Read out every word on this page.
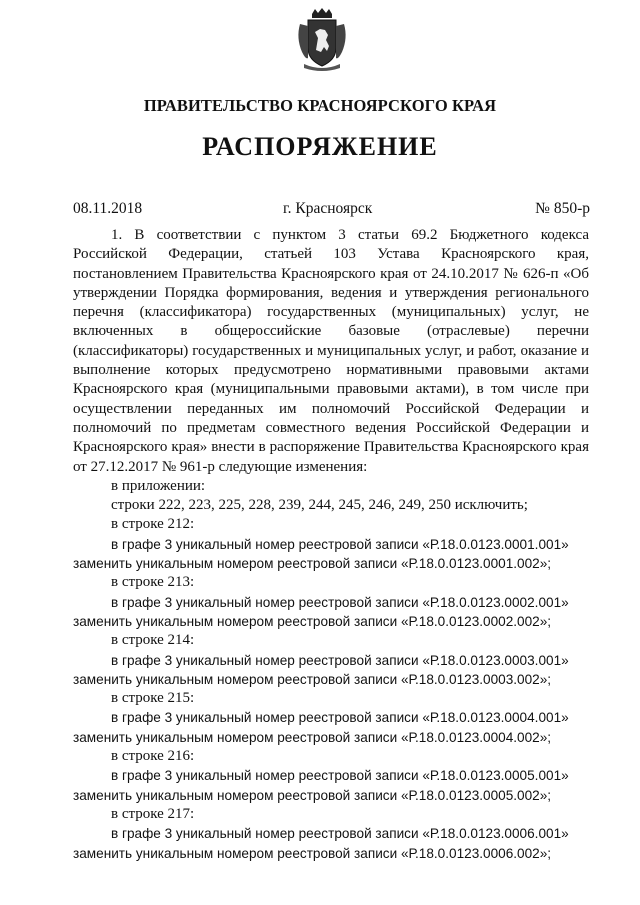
ПРАВИТЕЛЬСТВО КРАСНОЯРСКОГО КРАЯ
РАСПОРЯЖЕНИЕ
08.11.2018	г. Красноярск	№ 850-р

1. В соответствии с пунктом 3 статьи 69.2 Бюджетного кодекса Российской Федерации, статьей 103 Устава Красноярского края, постановлением Правительства Красноярского края от 24.10.2017 № 626-п «Об утверждении Порядка формирования, ведения и утверждения регионального перечня (классификатора) государственных (муниципальных) услуг, не включенных в общероссийские базовые (отраслевые) перечни (классификаторы) государственных и муниципальных услуг, и работ, оказание и выполнение которых предусмотрено нормативными правовыми актами Красноярского края (муниципальными правовыми актами), в том числе при осуществлении переданных им полномочий Российской Федерации и полномочий по предметам совместного ведения Российской Федерации и Красноярского края» внести в распоряжение Правительства Красноярского края от 27.12.2017 № 961-р следующие изменения:

в приложении:

строки 222, 223, 225, 228, 239, 244, 245, 246, 249, 250 исключить;

в строке 212:

в графе 3 уникальный номер реестровой записи «Р.18.0.0123.0001.001»

заменить уникальным номером реестровой записи «Р.18.0.0123.0001.002»;

в строке 213:

в графе 3 уникальный номер реестровой записи «Р.18.0.0123.0002.001»

заменить уникальным номером реестровой записи «Р.18.0.0123.0002.002»;

в строке 214:

в графе 3 уникальный номер реестровой записи «Р.18.0.0123.0003.001»

заменить уникальным номером реестровой записи «Р.18.0.0123.0003.002»;

в строке 215:

в графе 3 уникальный номер реестровой записи «Р.18.0.0123.0004.001»

заменить уникальным номером реестровой записи «Р.18.0.0123.0004.002»;

в строке 216:

в графе 3 уникальный номер реестровой записи «Р.18.0.0123.0005.001»

заменить уникальным номером реестровой записи «Р.18.0.0123.0005.002»;

в строке 217:

в графе 3 уникальный номер реестровой записи «Р.18.0.0123.0006.001»

заменить уникальным номером реестровой записи «Р.18.0.0123.0006.002»;
